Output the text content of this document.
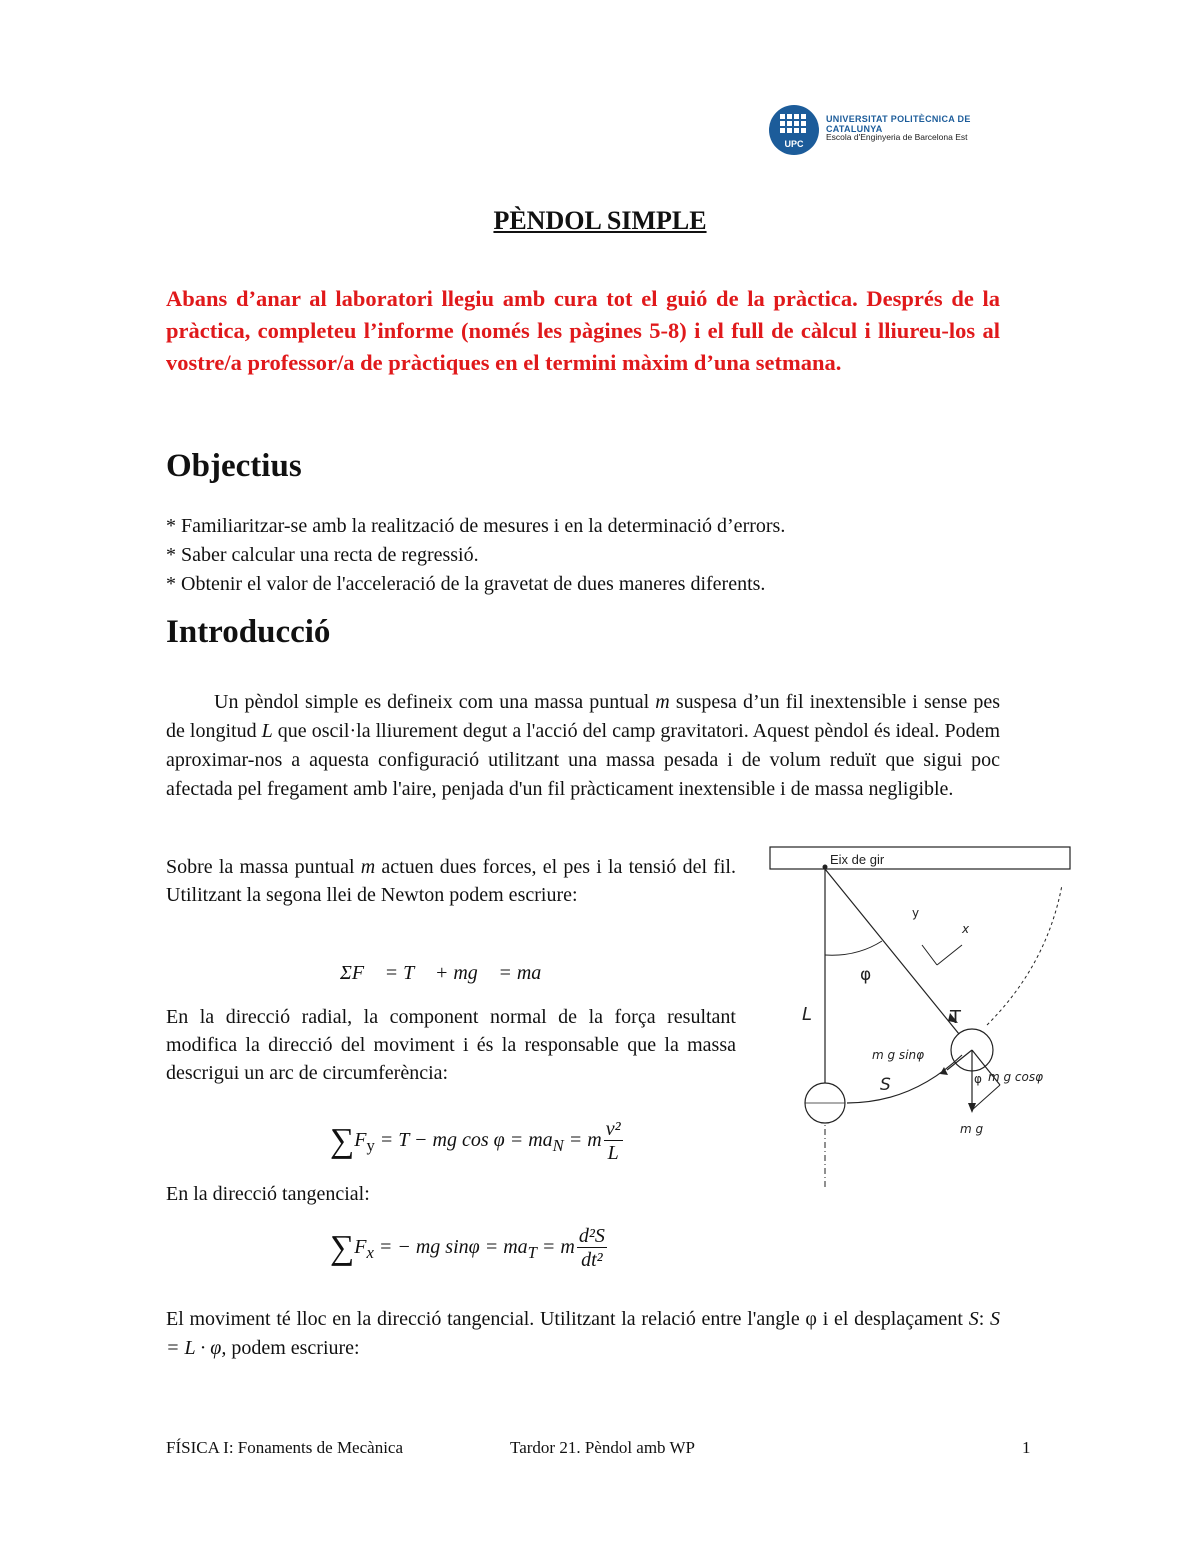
UPC
UNIVERSITAT POLITÈCNICA DE CATALUNYA
Escola d'Enginyeria de Barcelona Est
PÈNDOL SIMPLE
Abans d’anar al laboratori llegiu amb cura tot el guió de la pràctica. Després de la pràctica, completeu l’informe (només les pàgines 5-8) i el full de càlcul i lliureu-los al vostre/a professor/a de pràctiques en el termini màxim d’una setmana.
Objectius
* Familiaritzar-se amb la realització de mesures i en la determinació d’errors.
* Saber calcular una recta de regressió.
* Obtenir el valor de l'acceleració de la gravetat de dues maneres diferents.
Introducció
Un pèndol simple es defineix com una massa puntual m suspesa d’un fil inextensible i sense pes de longitud L que oscil·la lliurement degut a l'acció del camp gravitatori. Aquest pèndol és ideal. Podem aproximar-nos a aquesta configuració utilitzant una massa pesada i de volum reduït que sigui poc afectada pel fregament amb l'aire, penjada d'un fil pràcticament inextensible i de massa negligible.
Sobre la massa puntual m actuen dues forces, el pes i la tensió del fil. Utilitzant la segona llei de Newton podem escriure:
ΣF⃗ = T⃗ + mg⃗ = ma⃗
En la direcció radial, la component normal de la força resultant modifica la direcció del moviment i és la responsable que la massa descrigui un arc de circumferència:
$\sum F_y = T$ − mg $\cos \varphi = ma_N = m \frac{\text{v²}}{L}$
En la direcció tangencial:
$\sum F_x$ = − mg $\sin\varphi = ma_T = m \frac{\text{d²S}}{\text{dt²}}$
El moviment té lloc en la direcció tangencial. Utilitzant la relació entre l'angle φ i el desplaçament S: S = L · φ, podem escriure:
Eix de gir
φ
L	T
S
y
x
m g sinφ
m g cosφ
m g
φ
FÍSICA I: Fonaments de Mecànica	Tardor 21. Pèndol amb WP	1
